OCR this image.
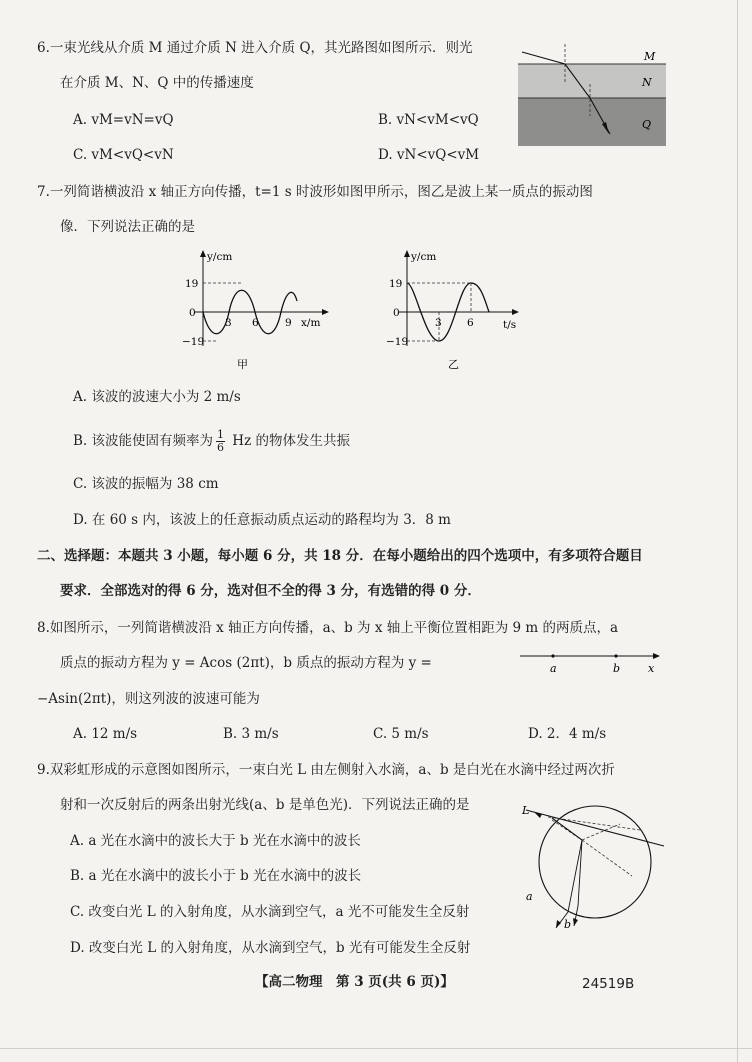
6.一束光线从介质 M 通过介质 N 进入介质 Q，其光路图如图所示．则光
在介质 M、N、Q 中的传播速度
A. vM=vN=vQ	B. vN<vM<vQ
C. vM<vQ<vN	D. vN<vQ<vM
M
N
Q
7.一列简谐横波沿 x 轴正方向传播，t=1 s 时波形如图甲所示，图乙是波上某一质点的振动图
像．下列说法正确的是
y/cm
x/m
0
19
−19
3 6	9
甲
y/cm
t/s
0
19
−19
3 6
乙
A. 该波的波速大小为 2 m/s
B. 该波能使固有频率为 $\frac{1}{6}$ Hz 的物体发生共振
C. 该波的振幅为 38 cm
D. 在 60 s 内，该波上的任意振动质点运动的路程均为 3．8 m
二、选择题：本题共 3 小题，每小题 6 分，共 18 分．在每小题给出的四个选项中，有多项符合题目
要求．全部选对的得 6 分，选对但不全的得 3 分，有选错的得 0 分．
8.如图所示，一列简谐横波沿 x 轴正方向传播，a、b 为 x 轴上平衡位置相距为 9 m 的两质点，a
质点的振动方程为 y = Acos (2πt)，b 质点的振动方程为 y =	a	b	x
−Asin(2πt)，则这列波的波速可能为
A. 12 m/s	B. 3 m/s	C. 5 m/s	D. 2．4 m/s
9.双彩虹形成的示意图如图所示，一束白光 L 由左侧射入水滴，a、b 是白光在水滴中经过两次折
射和一次反射后的两条出射光线(a、b 是单色光)．下列说法正确的是	L
a
b
A. a 光在水滴中的波长大于 b 光在水滴中的波长
B. a 光在水滴中的波长小于 b 光在水滴中的波长
C. 改变白光 L 的入射角度，从水滴到空气，a 光不可能发生全反射
D. 改变白光 L 的入射角度，从水滴到空气，b 光有可能发生全反射
【高二物理　第 3 页(共 6 页)】	24519B
